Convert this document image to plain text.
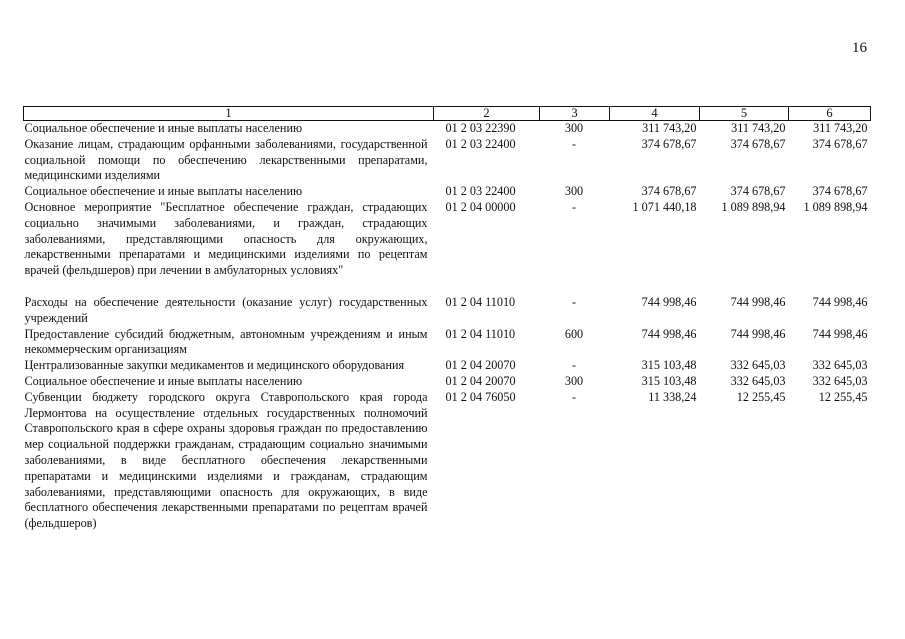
16
1	2	3	4	5	6
Социальное обеспечение и иные выплаты населению	01 2 03 22390	300	311 743,20	311 743,20	311 743,20
Оказание лицам, страдающим орфанными заболеваниями, государственной социальной помощи по обеспечению лекарственными препаратами, медицинскими изделиями	01 2 03 22400	-	374 678,67	374 678,67	374 678,67
Социальное обеспечение и иные выплаты населению	01 2 03 22400	300	374 678,67	374 678,67	374 678,67
Основное мероприятие "Бесплатное обеспечение граждан, страдающих социально значимыми заболеваниями, и граждан, страдающих заболеваниями, представляющими опасность для окружающих, лекарственными препаратами и медицинскими изделиями по рецептам врачей (фельдшеров) при лечении в амбулаторных условиях"	01 2 04 00000	-	1 071 440,18	1 089 898,94	1 089 898,94
Расходы на обеспечение деятельности (оказание услуг) государственных учреждений	01 2 04 11010	-	744 998,46	744 998,46	744 998,46
Предоставление субсидий бюджетным, автономным учреждениям и иным некоммерческим организациям	01 2 04 11010	600	744 998,46	744 998,46	744 998,46
Централизованные закупки медикаментов и медицинского оборудования	01 2 04 20070	-	315 103,48	332 645,03	332 645,03
Социальное обеспечение и иные выплаты населению	01 2 04 20070	300	315 103,48	332 645,03	332 645,03
Субвенции бюджету городского округа Ставропольского края города Лермонтова на осуществление отдельных государственных полномочий Ставропольского края в сфере охраны здоровья граждан по предоставлению мер социальной поддержки гражданам, страдающим социально значимыми заболеваниями, в виде бесплатного обеспечения лекарственными препаратами и медицинскими изделиями и гражданам, страдающим заболеваниями, представляющими опасность для окружающих, в виде бесплатного обеспечения лекарственными препаратами по рецептам врачей (фельдшеров)	01 2 04 76050	-	11 338,24	12 255,45	12 255,45
